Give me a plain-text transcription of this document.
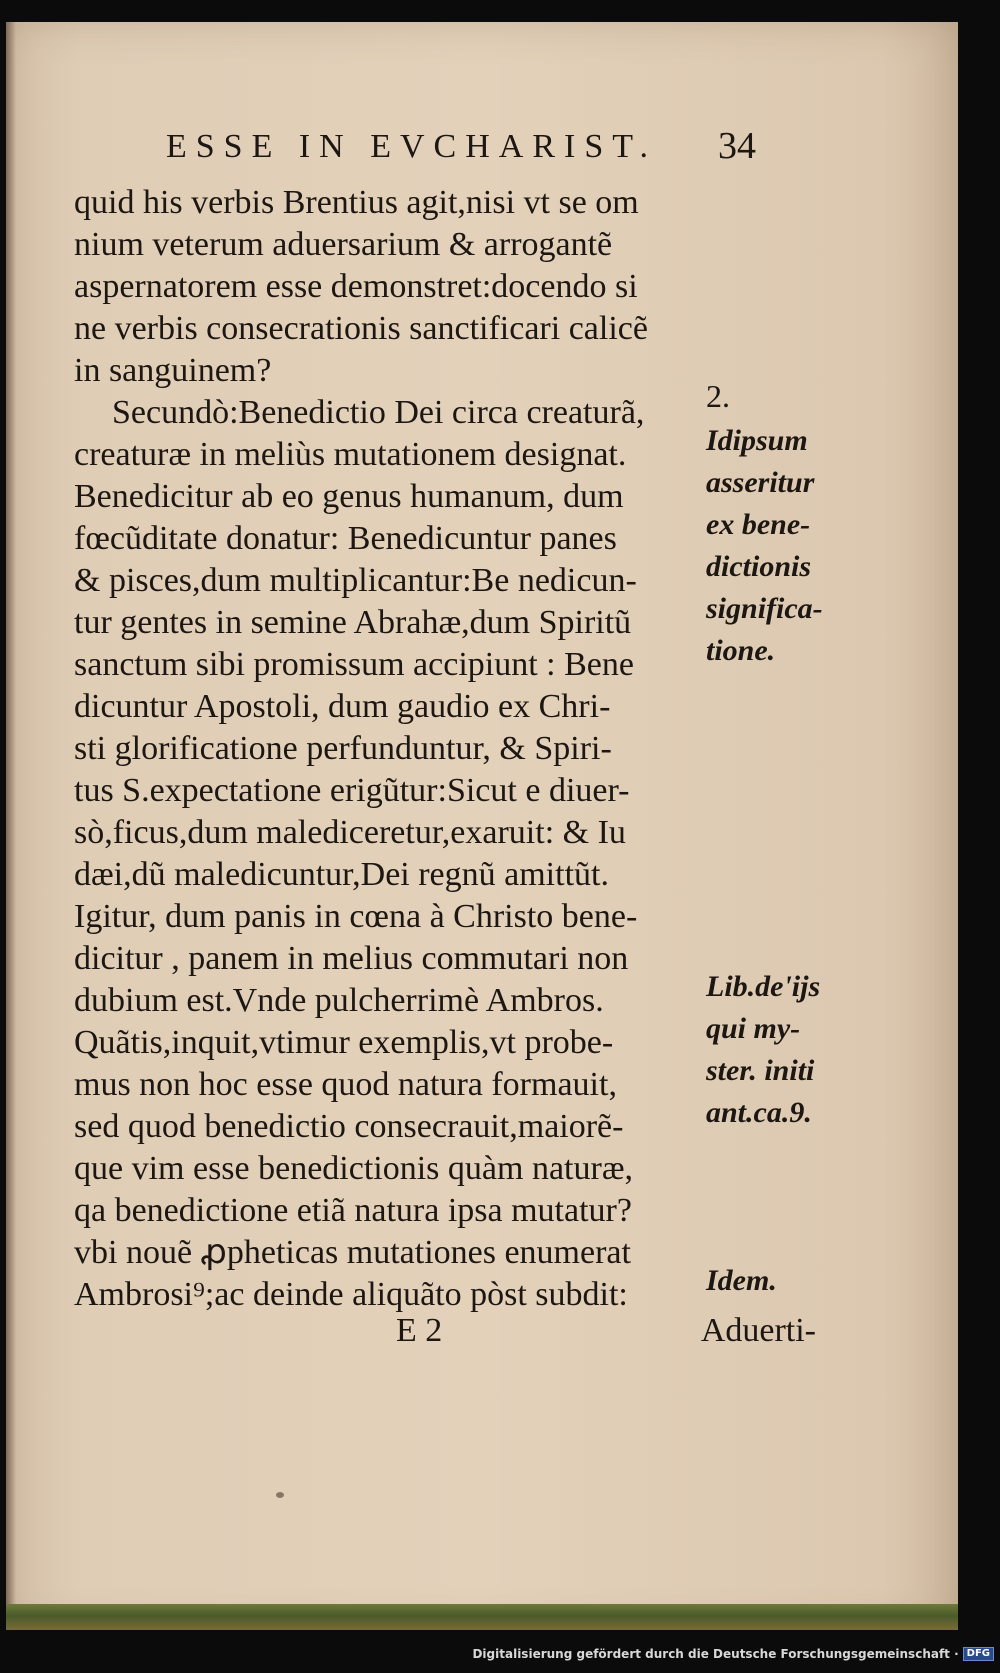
ESSE IN EVCHARIST. 34
quid his verbis Brentius agit,nisi vt se om
nium veterum aduersarium & arrogantẽ
aspernatorem esse demonstret:docendo si
ne verbis consecrationis sanctificari calicẽ
in sanguinem?
Secundò:Benedictio Dei circa creaturã,
creaturæ in meliùs mutationem designat.
Benedicitur ab eo genus humanum, dum
fœcũditate donatur: Benedicuntur panes
& pisces,dum multiplicantur:Be nedicun-
tur gentes in semine Abrahæ,dum Spiritũ
sanctum sibi promissum accipiunt : Bene
dicuntur Apostoli, dum gaudio ex Chri-
sti glorificatione perfunduntur, & Spiri-
tus S.expectatione erigũtur:Sicut e diuer-
sò,ficus,dum malediceretur,exaruit: & Iu
dæi,dũ maledicuntur,Dei regnũ amittũt.
Igitur, dum panis in cœna à Christo bene-
dicitur , panem in melius commutari non
dubium est.Vnde pulcherrimè Ambros.
Quãtis,inquit,vtimur exemplis,vt probe-
mus non hoc esse quod natura formauit,
sed quod benedictio consecrauit,maiorẽ-
que vim esse benedictionis quàm naturæ,
qa benedictione etiã natura ipsa mutatur?
vbi nouẽ ꝓpheticas mutationes enumerat
Ambrosi⁹;ac deinde aliquãto pòst subdit:
2.
Idipsum
asseritur
ex bene-
dictionis
significa-
tione.
Lib.de'ijs
qui my-
ster. initi
ant.ca.9.
Idem.
E 2	Aduerti-
Digitalisierung gefördert durch die Deutsche Forschungsgemeinschaft · DFG
